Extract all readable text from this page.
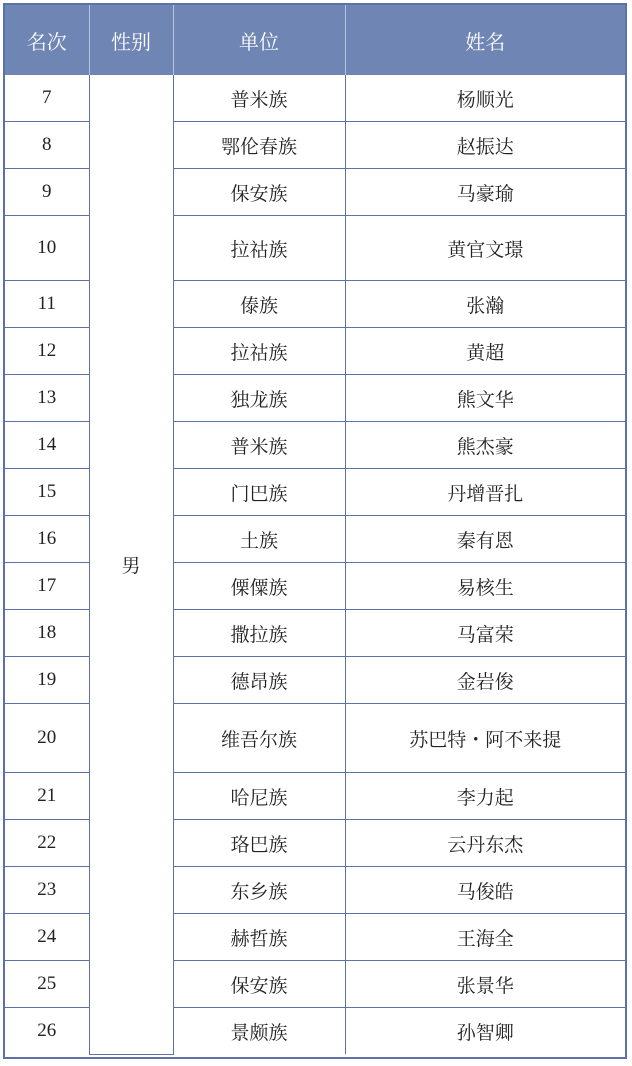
名次	性别	单位	姓名
7	男	普米族	杨顺光
8		鄂伦春族	赵振达
9		保安族	马豪瑜
10		拉祜族	黄官文璟
11		傣族	张瀚
12		拉祜族	黄超
13		独龙族	熊文华
14		普米族	熊杰豪
15		门巴族	丹增晋扎
16		土族	秦有恩
17		傈僳族	易核生
18		撒拉族	马富荣
19		德昂族	金岩俊
20		维吾尔族	苏巴特・阿不来提
21		哈尼族	李力起
22		珞巴族	云丹东杰
23		东乡族	马俊皓
24		赫哲族	王海全
25		保安族	张景华
26		景颇族	孙智卿
